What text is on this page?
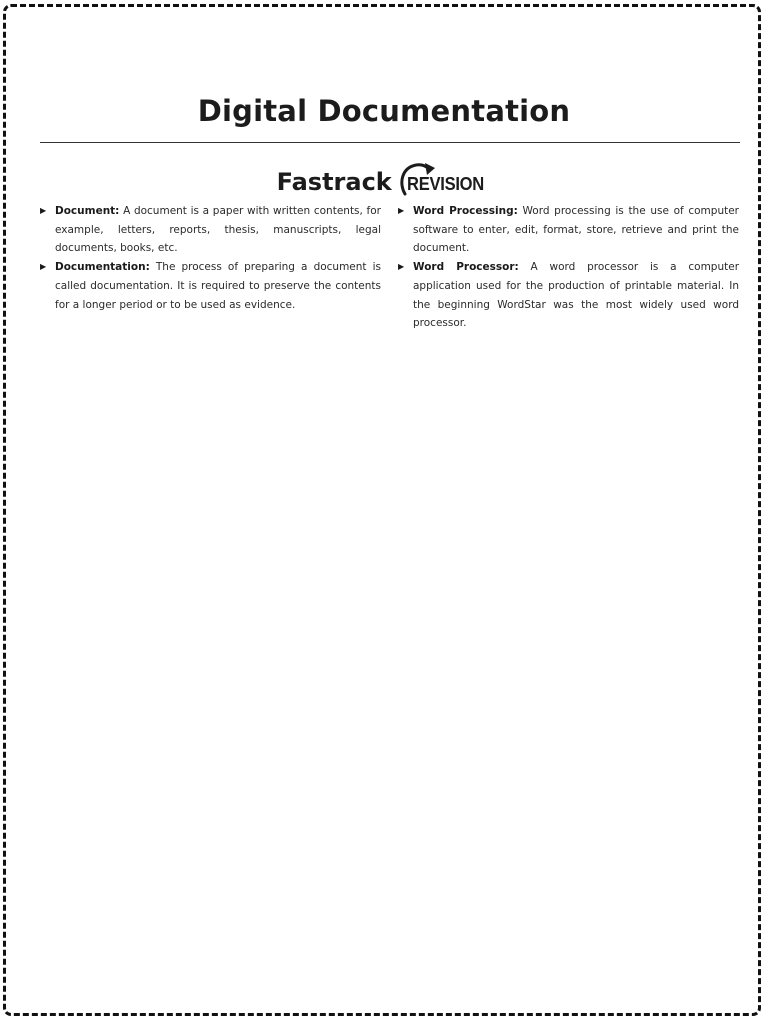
Digital Documentation
Fastrack REVISION
▶ Document: A document is a paper with written contents, for example, letters, reports, thesis, manuscripts, legal documents, books, etc.
▶ Documentation: The process of preparing a document is called documentation. It is required to preserve the contents for a longer period or to be used as evidence.
▶ Word Processing: Word processing is the use of computer software to enter, edit, format, store, retrieve and print the document.
▶ Word Processor: A word processor is a computer application used for the production of printable material. In the beginning WordStar was the most widely used word processor.
